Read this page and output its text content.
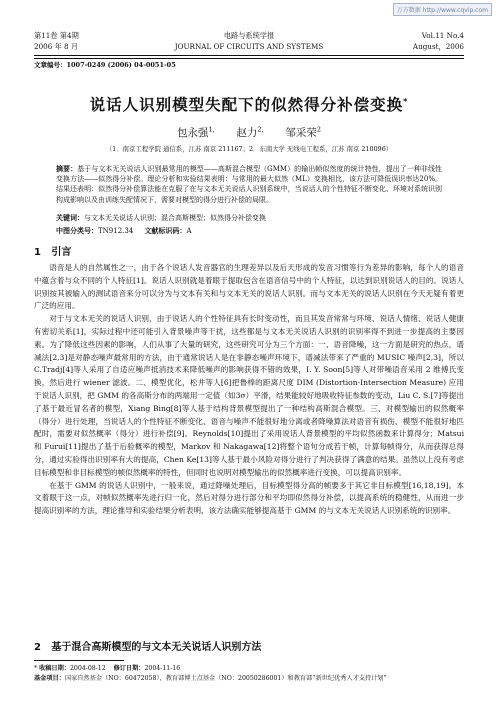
万方数据 http://www.cqvip.com
第11卷 第4期	电路与系统学报	Vol.11 No.4
2006 年 8 月	JOURNAL OF CIRCUITS AND SYSTEMS	August，2006
文章编号：1007-0249 (2006) 04-0051-05
说话人识别模型失配下的似然得分补偿变换*
包永强$^{1,}$ 赵力$^{2,}$ 邹采荣$^2$
（1．南京工程学院 通信系，江苏 南京 211167；2．东南大学 无线电工程系，江苏 南京 210096）
摘要：基于与文本无关说话人识别最常用的模型——高斯混合模型（GMM）的输出帧似然度的统计特性，提出了一种非线性变换方法——似然得分补偿。理论分析和实验结果表明：与常用的最大似然（ML）变换相比，该方法可降低误识率达20%。结果还表明：似然得分补偿算法能在克服了在与文本无关说话人识别系统中，当说话人的个性特征不断变化、环境对系统识别构成影响以及由训练失配情况下，需要对模型的得分进行补偿的局限。
关键词：与文本无关说话人识别；混合高斯模型；似然得分补偿变换
中图分类号：TN912.34 文献标识码：A
1 引言

语音是人的自然属性之一，由于各个说话人发音器官的生理差异以及后天形成的发音习惯等行为差异的影响，每个人的语音中蕴含着与众不同的个人特征[1]。说话人识别就是着眼于提取包含在语音信号中的个人特征，以达到识别说话人的目的。说话人识别按其被输入的测试语音来分可以分为与文本有关和与文本无关的说话人识别。而与文本无关的说话人识别在今天无疑有着更广泛的应用。

对于与文本无关的说话人识别，由于说话人的个性特征具有长时变动性，而且其发音常常与环境、说话人情绪、说话人健康有密切关系[1]，实际过程中还可能引入背景噪声等干扰，这些都是与文本无关说话人识别的识别率得不到进一步提高的主要因素。为了降低这些因素的影响，人们从事了大量的研究，这些研究可分为三个方面：一、语音降噪，这一方面是研究的热点，谱减法[2,3]是对静态噪声最常用的方法，由于通常说话人是在非静态噪声环境下，谱减法带来了严重的 MUSIC 噪声[2,3]，所以 C.Tradj[4]等人采用了自适应噪声抵消技术来降低噪声的影响获得不错的效果，I. Y. Soon[5]等人对带噪语音采用 2 维傅氏变换，然后进行 wiener 滤波。二、模型优化，松井等人[6]把鲁棒的距离尺度 DIM (Distortion-Intersection Measure) 应用于说话人识别，把 GMM 的各高斯分布的两端用一定值（如3σ）平滑，结果能较好地吸收特征参数的变动，Liu C. S.[7]等提出了基于最近冒名者的模型，Xiang Bing[8]等人基于结构背景模型提出了一种结构高斯混合模型。三、对模型输出的似然概率（得分）进行处理，当说话人的个性特征不断变化、语音与噪声不能很好地分离或者降噪算法对语音有损伤、模型不能很好地匹配时，需要对似然概率（得分）进行补偿[9]。Reynolds[10]提出了采用说话人背景模型的平均似然函数来计算得分；Matsui 和 Furui[11]提出了基于后验概率的模型，Markov 和 Nakagawa[12]将整个语句分成若干帧，计算每帧得分，从而获得总得分，通过实验得出识别率有大的提高，Chen Ke[13]等人基于最小风险对得分进行了判决获得了满意的结果。虽然以上没有考虑目标模型和非目标模型的帧似然概率的特性，但同时也说明对模型输出的似然概率进行变换，可以提高识别率。

在基于 GMM 的说话人识别中，一般来说，通过降噪处理后，目标模型得分高的帧要多于其它非目标模型[16,18,19]。本文着眼于这一点，对帧似然概率先进行归一化，然后对得分进行部分和平均即似然得分补偿，以提高系统的稳健性，从而进一步提高识别率的方法，理论推导和实验结果分析表明，该方法确实能够提高基于 GMM 的与文本无关说话人识别系统的识别率。

2 基于混合高斯模型的与文本无关说话人识别方法
* 收稿日期：2004-08-12 修订日期：2004-11-16
基金项目：国家自然基金（NO：60472058），教育部博士点基金（NO：20050286001）和教育部“新世纪优秀人才支持计划”
